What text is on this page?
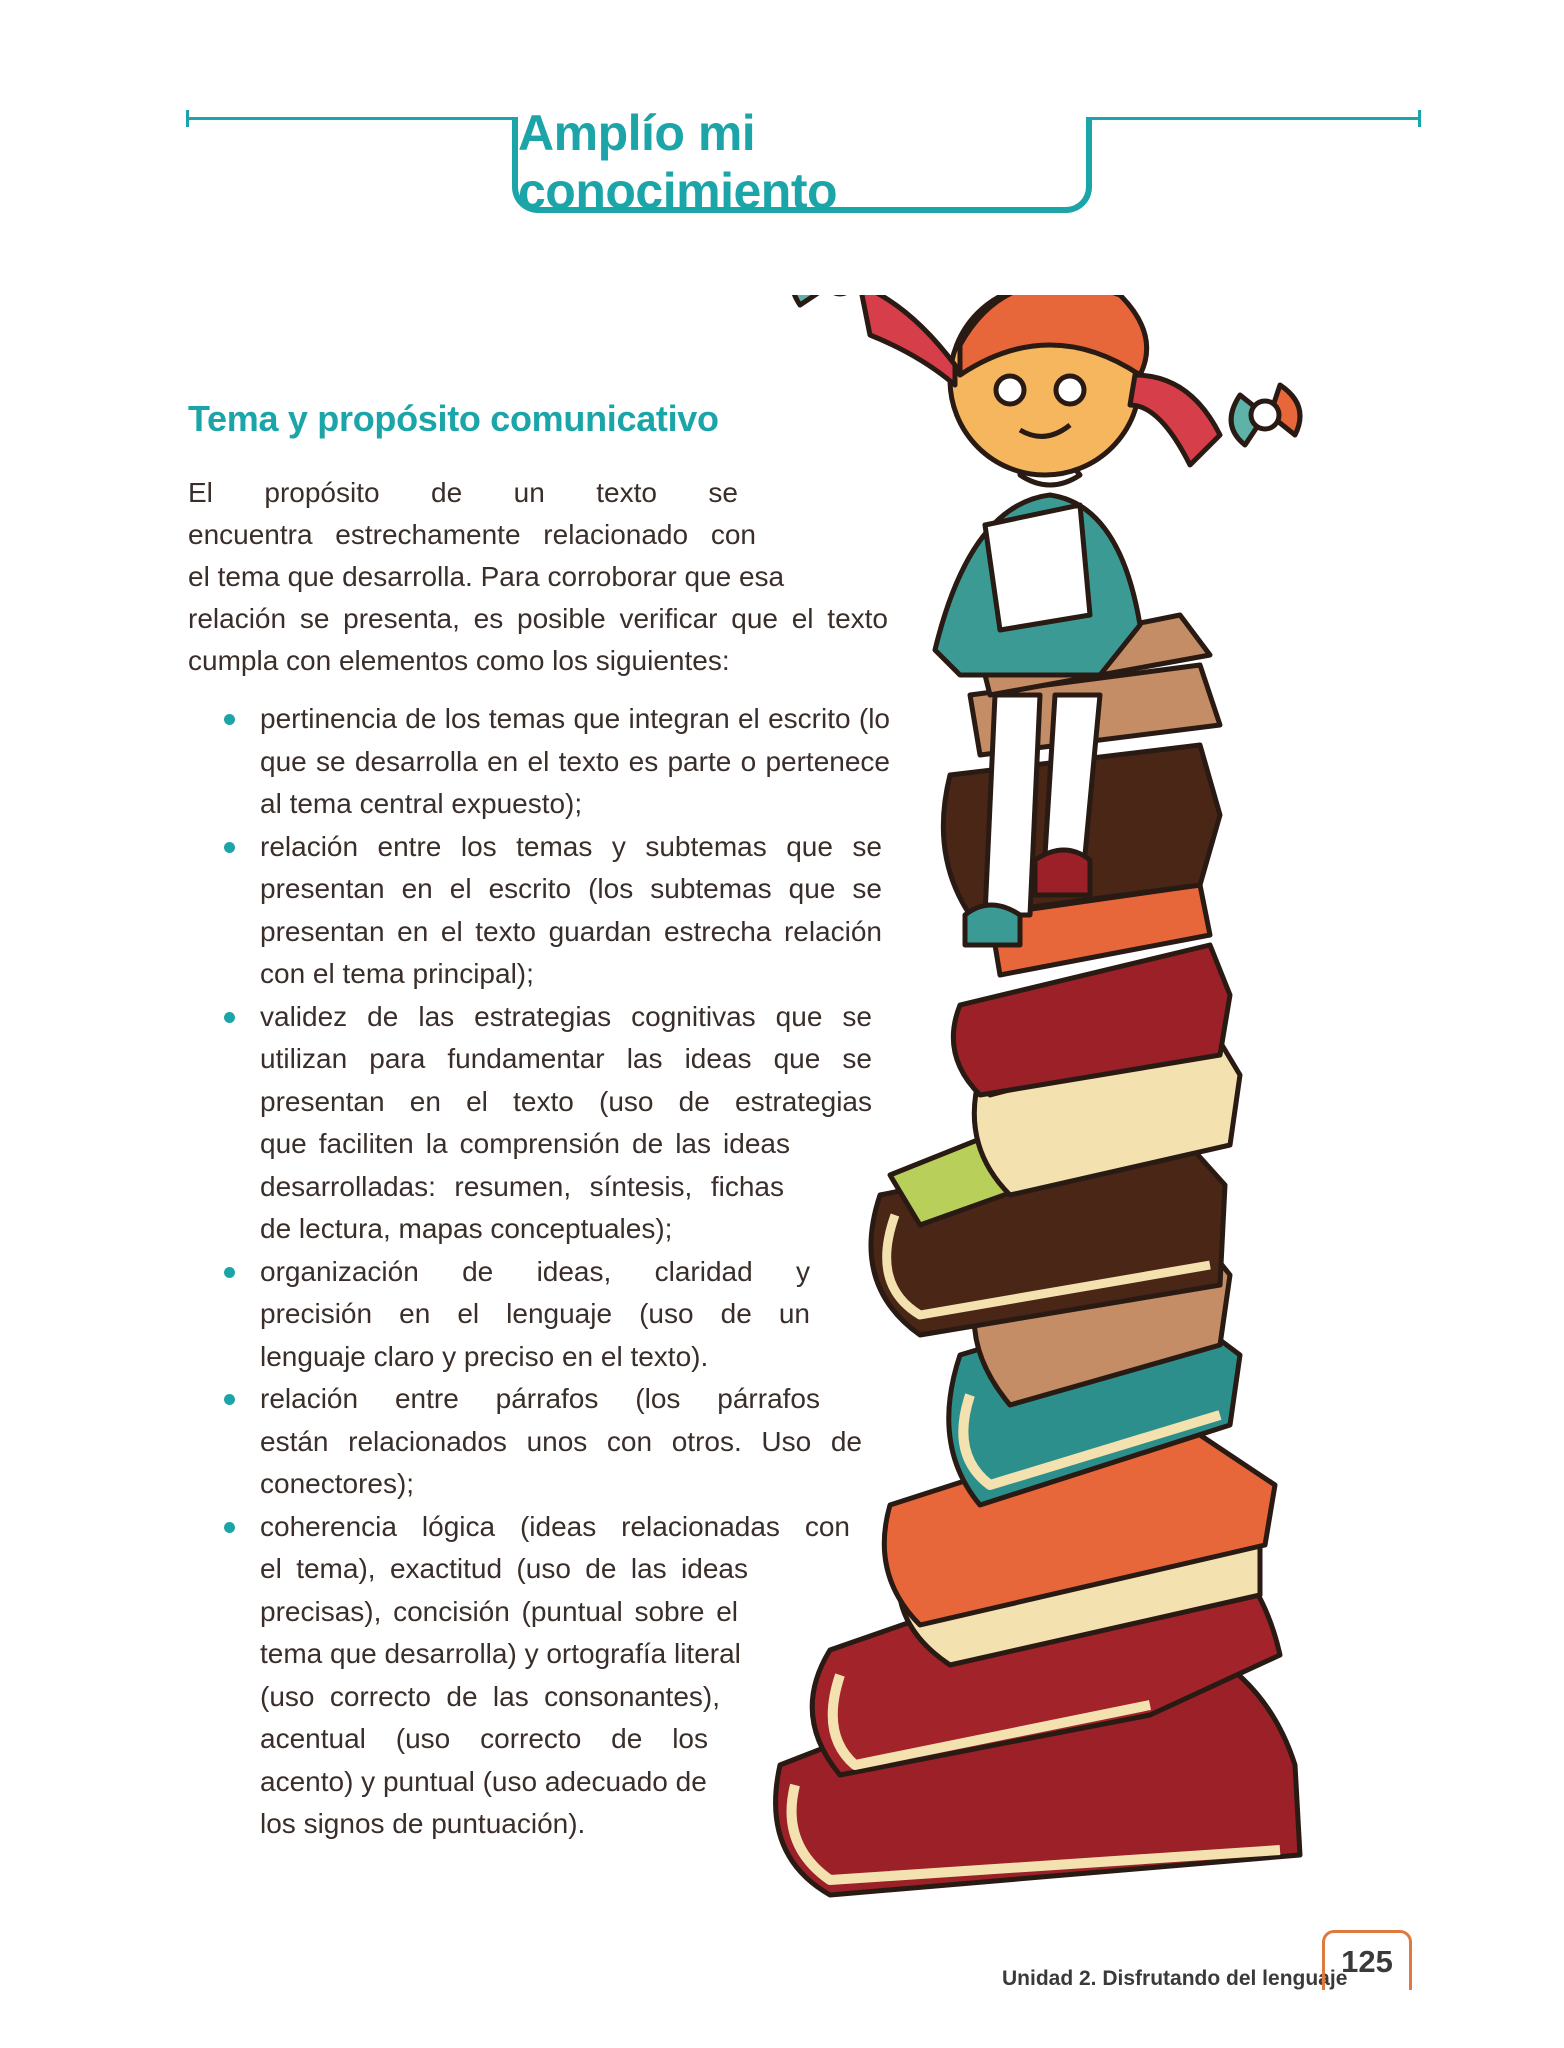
Amplío mi conocimiento
Tema y propósito comunicativo

El propósito de un texto se
encuentra estrechamente relacionado con
el tema que desarrolla. Para corroborar que esa
relación se presenta, es posible verificar que el texto
cumpla con elementos como los siguientes:

pertinencia de los temas que integran el escrito (lo
que se desarrolla en el texto es parte o pertenece
al tema central expuesto);
relación entre los temas y subtemas que se
presentan en el escrito (los subtemas que se
presentan en el texto guardan estrecha relación
con el tema principal);
validez de las estrategias cognitivas que se
utilizan para fundamentar las ideas que se
presentan en el texto (uso de estrategias
que faciliten la comprensión de las ideas
desarrolladas: resumen, síntesis, fichas
de lectura, mapas conceptuales);
organización de ideas, claridad y
precisión en el lenguaje (uso de un
lenguaje claro y preciso en el texto).
relación entre párrafos (los párrafos
están relacionados unos con otros. Uso de
conectores);
coherencia lógica (ideas relacionadas con
el tema), exactitud (uso de las ideas
precisas), concisión (puntual sobre el
tema que desarrolla) y ortografía literal
(uso correcto de las consonantes),
acentual (uso correcto de los
acento) y puntual (uso adecuado de
los signos de puntuación).
Unidad 2. Disfrutando del lenguaje
125
